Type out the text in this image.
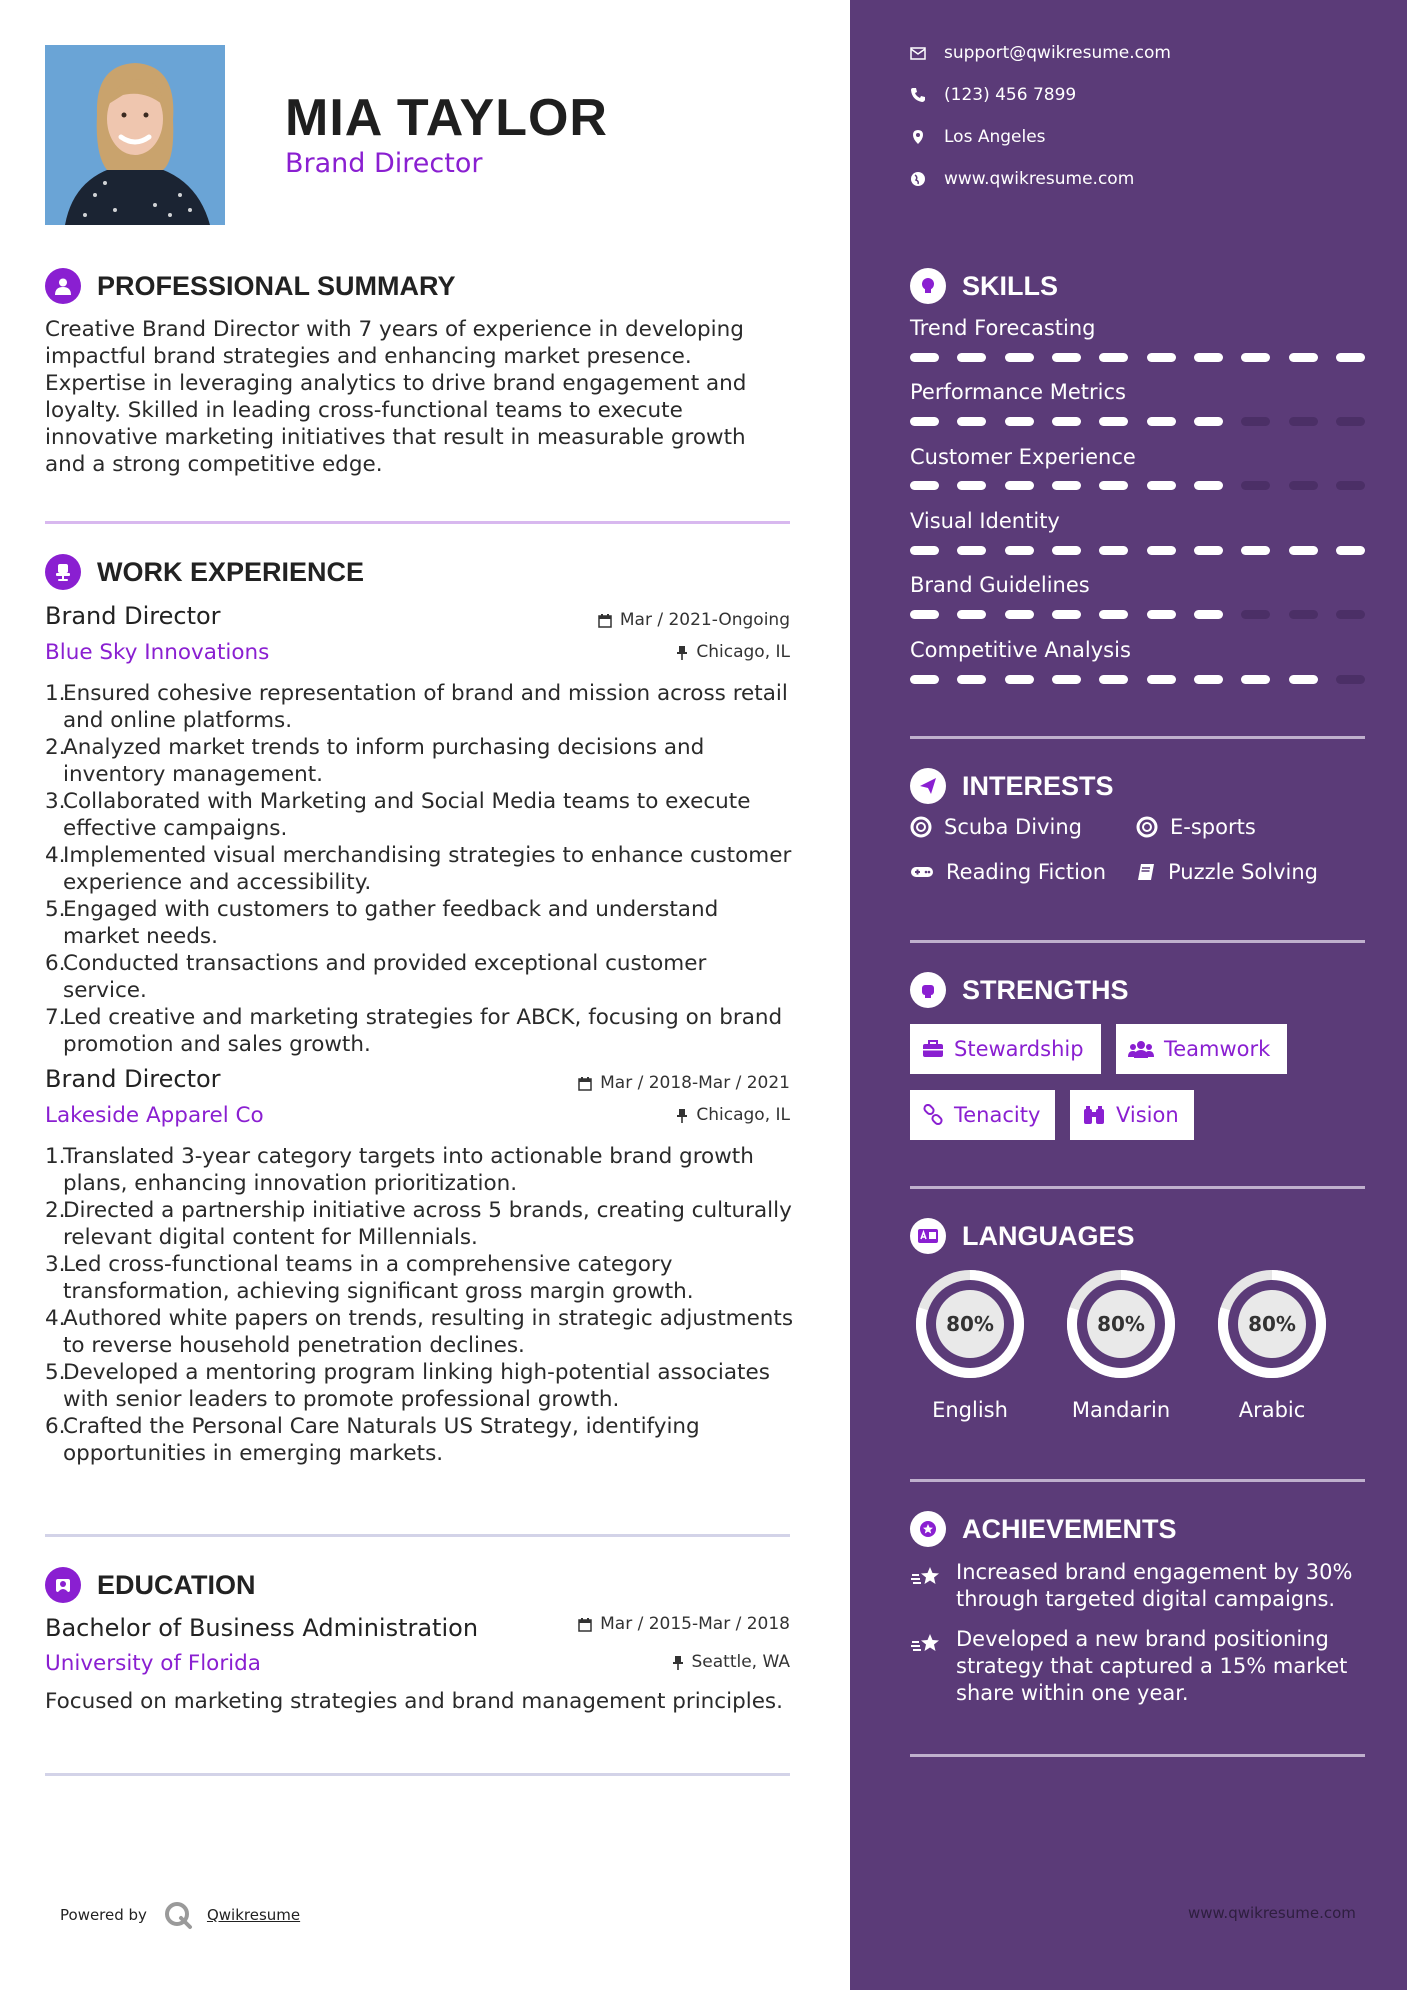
MIA TAYLOR
Brand Director
PROFESSIONAL SUMMARY
Creative Brand Director with 7 years of experience in developing impactful brand strategies and enhancing market presence. Expertise in leveraging analytics to drive brand engagement and loyalty. Skilled in leading cross-functional teams to execute innovative marketing initiatives that result in measurable growth and a strong competitive edge.
WORK EXPERIENCE
Brand Director	Mar / 2021-Ongoing
Blue Sky Innovations	Chicago, IL
1.
Ensured cohesive representation of brand and mission across retail and online platforms.
2.
Analyzed market trends to inform purchasing decisions and inventory management.
3.
Collaborated with Marketing and Social Media teams to execute effective campaigns.
4.
Implemented visual merchandising strategies to enhance customer experience and accessibility.
5.
Engaged with customers to gather feedback and understand market needs.
6.
Conducted transactions and provided exceptional customer service.
7.
Led creative and marketing strategies for ABCK, focusing on brand promotion and sales growth.
Brand Director	Mar / 2018-Mar / 2021
Lakeside Apparel Co	Chicago, IL
1.
Translated 3-year category targets into actionable brand growth plans, enhancing innovation prioritization.
2.
Directed a partnership initiative across 5 brands, creating culturally relevant digital content for Millennials.
3.
Led cross-functional teams in a comprehensive category transformation, achieving significant gross margin growth.
4.
Authored white papers on trends, resulting in strategic adjustments to reverse household penetration declines.
5.
Developed a mentoring program linking high-potential associates with senior leaders to promote professional growth.
6.
Crafted the Personal Care Naturals US Strategy, identifying opportunities in emerging markets.
EDUCATION
Bachelor of Business Administration	Mar / 2015-Mar / 2018
University of Florida	Seattle, WA
Focused on marketing strategies and brand management principles.
Powered by	Qwikresume
support@qwikresume.com
(123) 456 7899
Los Angeles
www.qwikresume.com
SKILLS
Trend Forecasting
Performance Metrics
Customer Experience
Visual Identity
Brand Guidelines
Competitive Analysis
INTERESTS
Scuba Diving	E-sports
Reading Fiction	Puzzle Solving
STRENGTHS
Stewardship	Teamwork
Tenacity	Vision
LANGUAGES
80%
English
80%
Mandarin
80%
Arabic
ACHIEVEMENTS
Increased brand engagement by 30% through targeted digital campaigns.
Developed a new brand positioning strategy that captured a 15% market share within one year.
www.qwikresume.com
